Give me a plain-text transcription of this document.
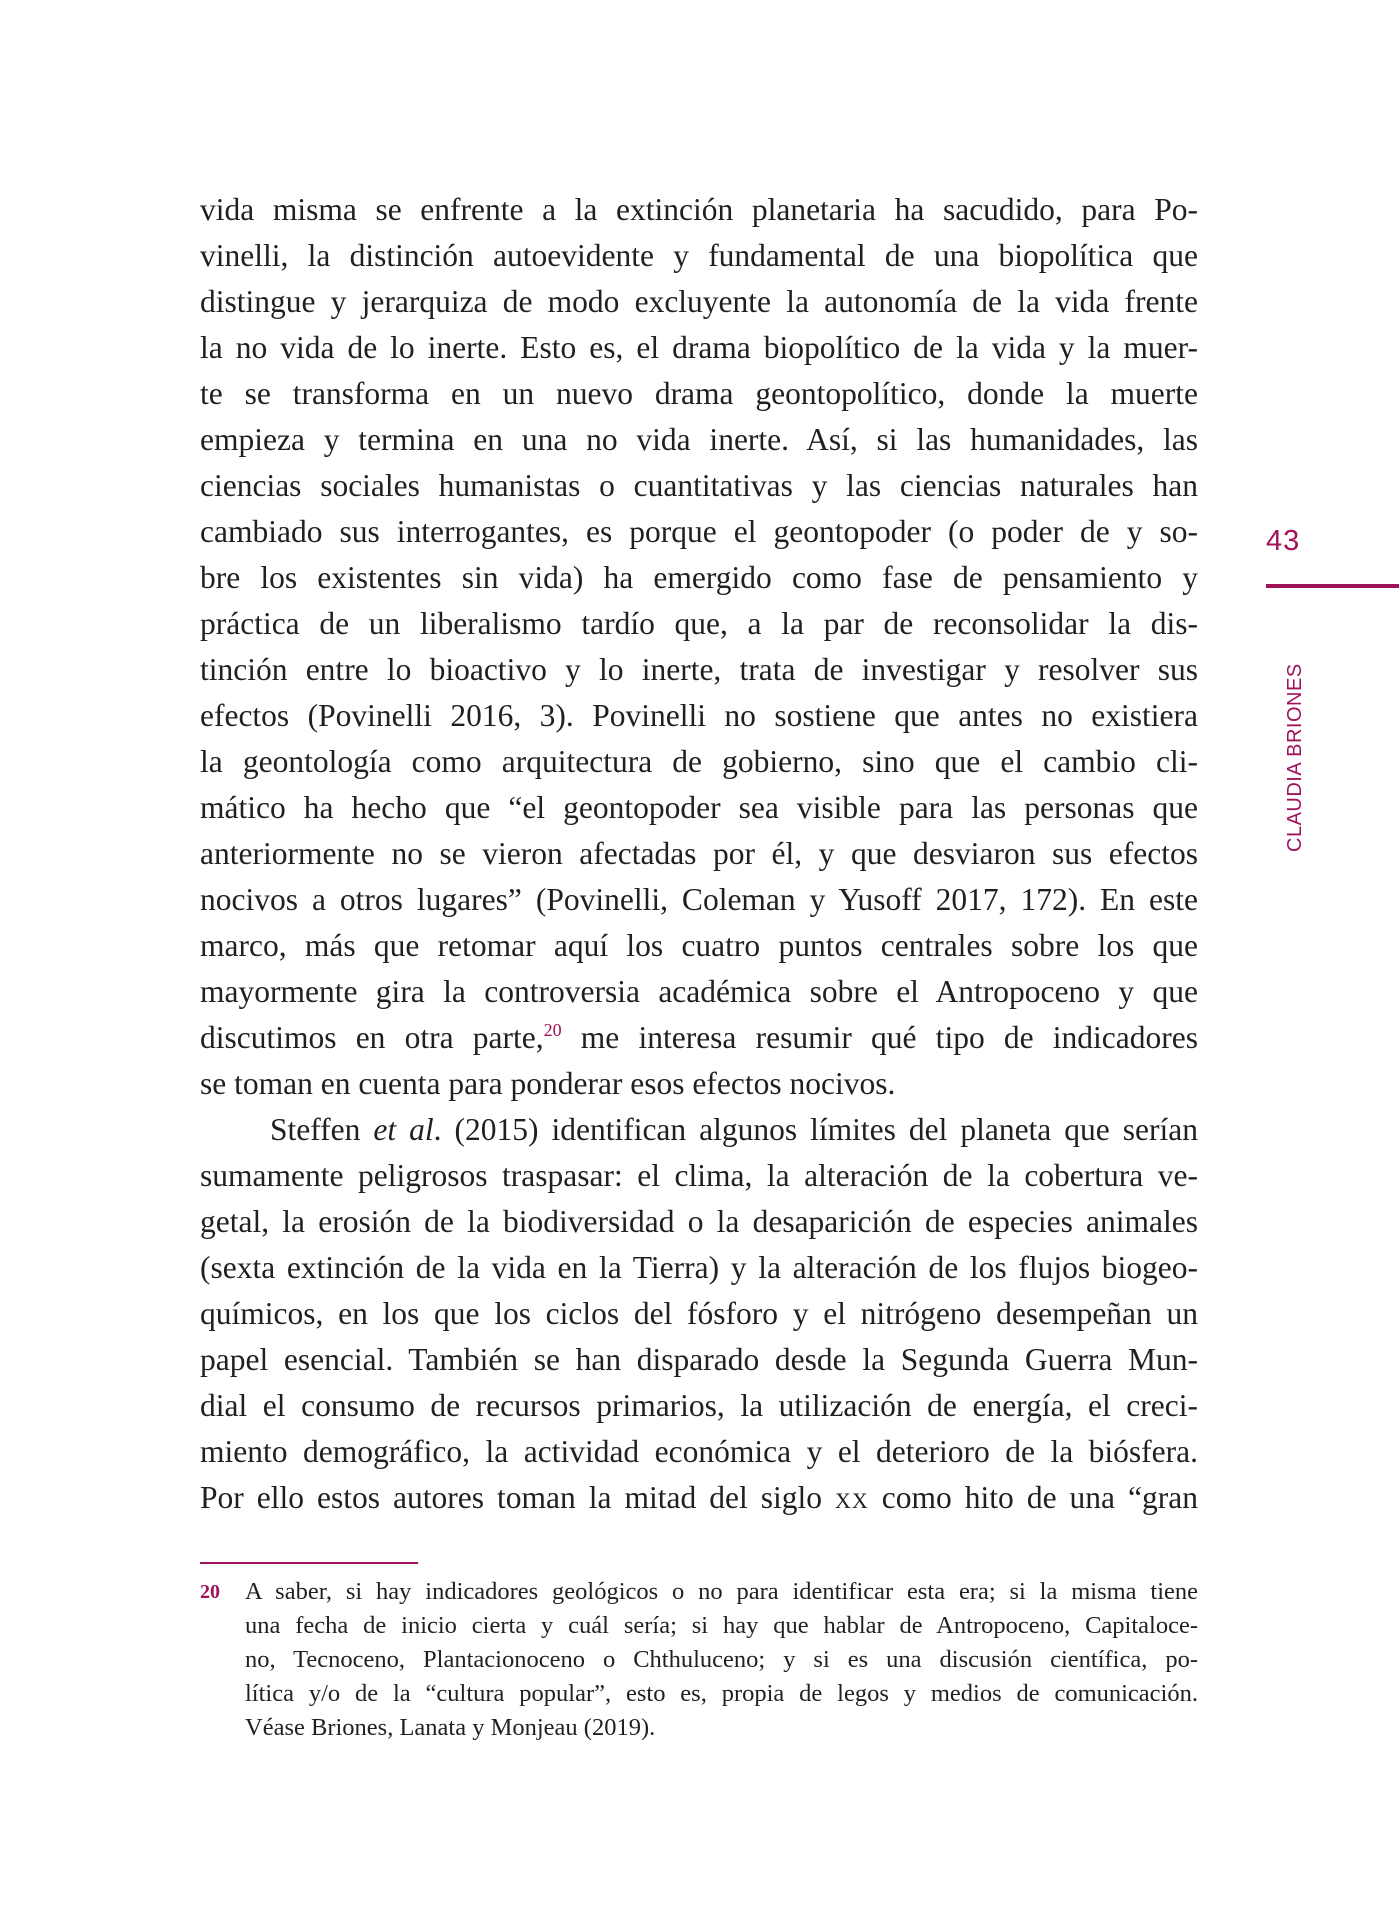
vida misma se enfrente a la extinción planetaria ha sacudido, para Po-
vinelli, la distinción autoevidente y fundamental de una biopolítica que
distingue y jerarquiza de modo excluyente la autonomía de la vida frente
la no vida de lo inerte. Esto es, el drama biopolítico de la vida y la muer-
te se transforma en un nuevo drama geontopolítico, donde la muerte
empieza y termina en una no vida inerte. Así, si las humanidades, las
ciencias sociales humanistas o cuantitativas y las ciencias naturales han
cambiado sus interrogantes, es porque el geontopoder (o poder de y so-
bre los existentes sin vida) ha emergido como fase de pensamiento y
práctica de un liberalismo tardío que, a la par de reconsolidar la dis-
tinción entre lo bioactivo y lo inerte, trata de investigar y resolver sus
efectos (Povinelli 2016, 3). Povinelli no sostiene que antes no existiera
la geontología como arquitectura de gobierno, sino que el cambio cli-
mático ha hecho que “el geontopoder sea visible para las personas que
anteriormente no se vieron afectadas por él, y que desviaron sus efectos
nocivos a otros lugares” (Povinelli, Coleman y Yusoff 2017, 172). En este
marco, más que retomar aquí los cuatro puntos centrales sobre los que
mayormente gira la controversia académica sobre el Antropoceno y que
discutimos en otra parte,$^{20}$ me interesa resumir qué tipo de indicadores
se toman en cuenta para ponderar esos efectos nocivos.
Steffen et al. (2015) identifican algunos límites del planeta que serían
sumamente peligrosos traspasar: el clima, la alteración de la cobertura ve-
getal, la erosión de la biodiversidad o la desaparición de especies animales
(sexta extinción de la vida en la Tierra) y la alteración de los flujos biogeo-
químicos, en los que los ciclos del fósforo y el nitrógeno desempeñan un
papel esencial. También se han disparado desde la Segunda Guerra Mun-
dial el consumo de recursos primarios, la utilización de energía, el creci-
miento demográfico, la actividad económica y el deterioro de la biósfera.
Por ello estos autores toman la mitad del siglo xx como hito de una “gran
43
CLAUDIA BRIONES
20 A saber, si hay indicadores geológicos o no para identificar esta era; si la misma tiene
una fecha de inicio cierta y cuál sería; si hay que hablar de Antropoceno, Capitaloce-
no, Tecnoceno, Plantacionoceno o Chthuluceno; y si es una discusión científica, po-
lítica y/o de la “cultura popular”, esto es, propia de legos y medios de comunicación.
Véase Briones, Lanata y Monjeau (2019).
